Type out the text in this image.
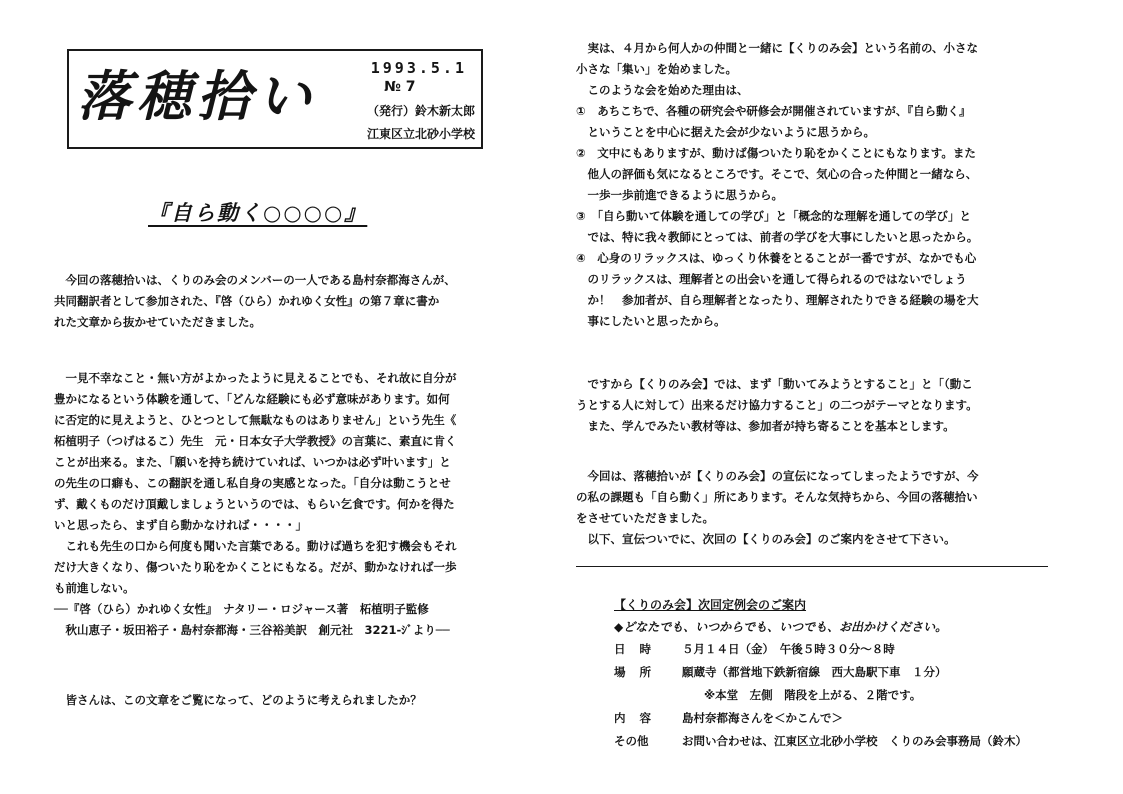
落穂拾い	1993.5.1
№ 7
（発行）鈴木新太郎
江東区立北砂小学校
『自ら動く○○○○』
　今回の落穂拾いは、くりのみ会のメンバーの一人である島村奈都海さんが、
共同翻訳者として参加された、『啓（ひら）かれゆく女性』の第７章に書か
れた文章から抜かせていただきました。
　一見不幸なこと・無い方がよかったように見えることでも、それ故に自分が
豊かになるという体験を通して、「どんな経験にも必ず意味があります。如何
に否定的に見えようと、ひとつとして無駄なものはありません」という先生《
柘植明子（つげはるこ）先生　元・日本女子大学教授》の言葉に、素直に肯く
ことが出来る。また、「願いを持ち続けていれば、いつかは必ず叶います」と
の先生の口癖も、この翻訳を通し私自身の実感となった。「自分は動こうとせ
ず、戴くものだけ頂戴しましょうというのでは、もらい乞食です。何かを得た
いと思ったら、まず自ら動かなければ・・・・」
　これも先生の口から何度も聞いた言葉である。動けば過ちを犯す機会もそれ
だけ大きくなり、傷ついたり恥をかくことにもなる。だが、動かなければ一歩
も前進しない。
──『啓（ひら）かれゆく女性』　ナタリー・ロジャース著　柘植明子監修
　秋山恵子・坂田裕子・島村奈都海・三谷裕美訳　創元社　3221-ｼﾞより──
　皆さんは、この文章をご覧になって、どのように考えられましたか？
　実は、４月から何人かの仲間と一緒に【くりのみ会】という名前の、小さな
小さな「集い」を始めました。
　このような会を始めた理由は、
①　あちこちで、各種の研究会や研修会が開催されていますが、『自ら動く』
　ということを中心に据えた会が少ないように思うから。
②　文中にもありますが、動けば傷ついたり恥をかくことにもなります。また
　他人の評価も気になるところです。そこで、気心の合った仲間と一緒なら、
　一歩一歩前進できるように思うから。
③　「自ら動いて体験を通しての学び」と「概念的な理解を通しての学び」と
　では、特に我々教師にとっては、前者の学びを大事にしたいと思ったから。
④　心身のリラックスは、ゆっくり休養をとることが一番ですが、なかでも心
　のリラックスは、理解者との出会いを通して得られるのではないでしょう
　か！　参加者が、自ら理解者となったり、理解されたりできる経験の場を大
　事にしたいと思ったから。
　ですから【くりのみ会】では、まず「動いてみようとすること」と「（動こ
うとする人に対して）出来るだけ協力すること」の二つがテーマとなります。
　また、学んでみたい教材等は、参加者が持ち寄ることを基本とします。
　今回は、落穂拾いが【くりのみ会】の宣伝になってしまったようですが、今
の私の課題も「自ら動く」所にあります。そんな気持ちから、今回の落穂拾い
をさせていただきました。
　以下、宣伝ついでに、次回の【くりのみ会】のご案内をさせて下さい。
【くりのみ会】次回定例会のご案内
◆どなたでも、いつからでも、いつでも、お出かけください。
日時 ５月１４日（金）　午後５時３０分～８時
場所 願蔵寺（都営地下鉄新宿線　西大島駅下車　１分）
※本堂　左側　階段を上がる、２階です。
内容 島村奈都海さんを＜かこんで＞
その他	お問い合わせは、江東区立北砂小学校　くりのみ会事務局（鈴木）
